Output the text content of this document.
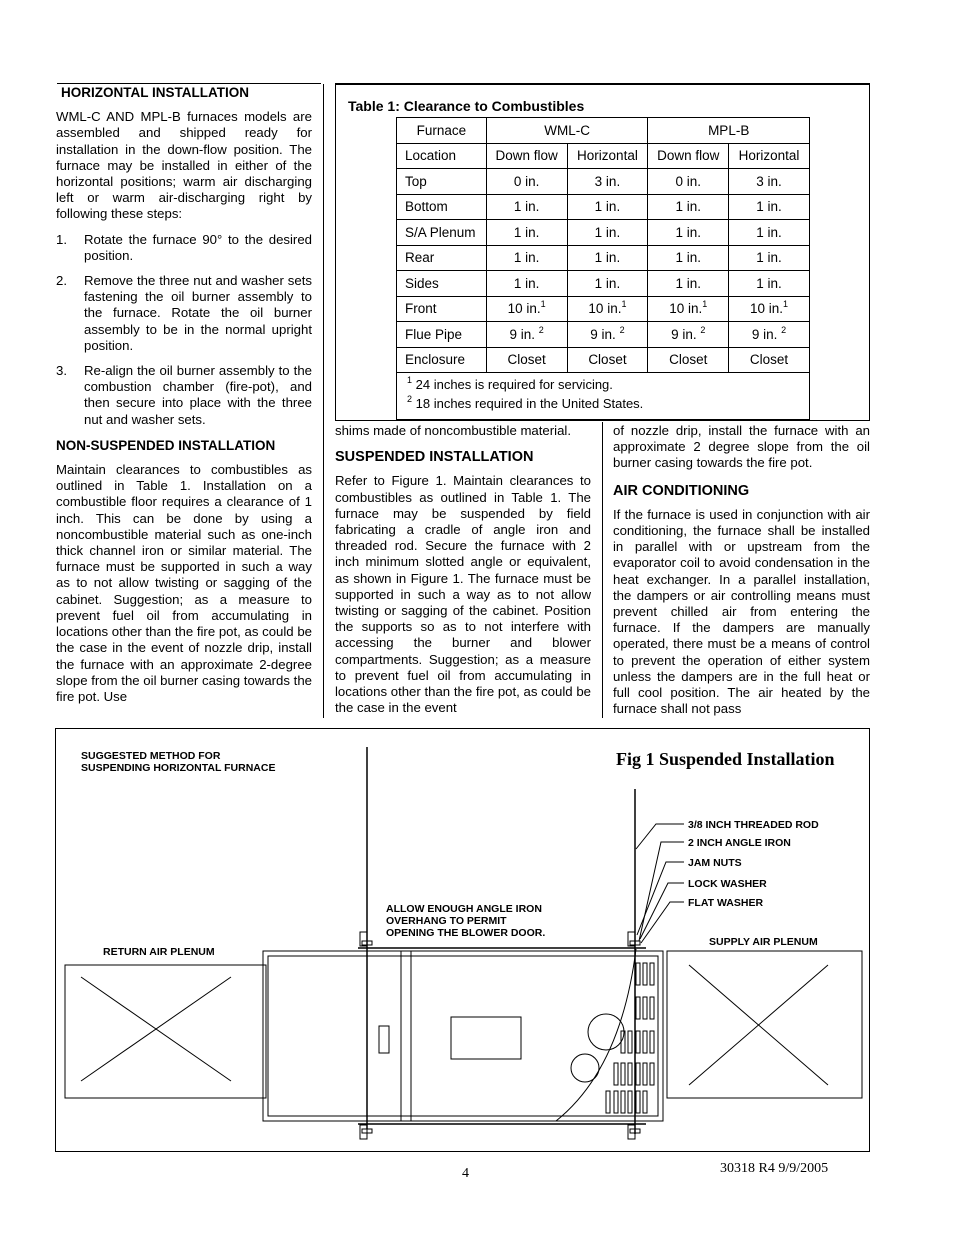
HORIZONTAL INSTALLATION

WML-C AND MPL-B furnaces models are assembled and shipped ready for installation in the down-flow position. The furnace may be installed in either of the horizontal positions; warm air discharging left or warm air-discharging right by following these steps:

1. Rotate the furnace 90° to the desired position.
2. Remove the three nut and washer sets fastening the oil burner assembly to the furnace. Rotate the oil burner assembly to be in the normal upright position.
3. Re-align the oil burner assembly to the combustion chamber (fire-pot), and then secure into place with the three nut and washer sets.
NON-SUSPENDED INSTALLATION

Maintain clearances to combustibles as outlined in Table 1. Installation on a combustible floor requires a clearance of 1 inch. This can be done by using a noncombustible material such as one-inch thick channel iron or similar material. The furnace must be supported in such a way as to not allow twisting or sagging of the cabinet. Suggestion; as a measure to prevent fuel oil from accumulating in locations other than the fire pot, as could be the case in the event of nozzle drip, install the furnace with an approximate 2-degree slope from the oil burner casing towards the fire pot. Use

Table 1: Clearance to Combustibles
Furnace	WML-C		MPL-B	
Location	Down flow	Horizontal	Down flow	Horizontal
Top	0 in.	3 in.	0 in.	3 in.
Bottom	1 in.	1 in.	1 in.	1 in.
S/A Plenum	1 in.	1 in.	1 in.	1 in.
Rear	1 in.	1 in.	1 in.	1 in.
Sides	1 in.	1 in.	1 in.	1 in.
Front	10 in.$^1$	10 in.$^1$	10 in.$^1$	10 in.$^1$
Flue Pipe	9 in. $^2$	9 in. $^2$	9 in. $^2$	9 in. $^2$
Enclosure	Closet	Closet	Closet	Closet

$^1$ 24 inches is required for servicing.
$^2$ 18 inches required in the United States.				

shims made of noncombustible material.

SUSPENDED INSTALLATION

Refer to Figure 1. Maintain clearances to combustibles as outlined in Table 1. The furnace may be suspended by field fabricating a cradle of angle iron and threaded rod. Secure the furnace with 2 inch minimum slotted angle or equivalent, as shown in Figure 1. The furnace must be supported in such a way as to not allow twisting or sagging of the cabinet. Position the supports so as to not interfere with accessing the burner and blower compartments. Suggestion; as a measure to prevent fuel oil from accumulating in locations other than the fire pot, as could be the case in the event

of nozzle drip, install the furnace with an approximate 2 degree slope from the oil burner casing towards the fire pot.

AIR CONDITIONING

If the furnace is used in conjunction with air conditioning, the furnace shall be installed in parallel with or upstream from the evaporator coil to avoid condensation in the heat exchanger. In a parallel installation, the dampers or air controlling means must prevent chilled air from entering the furnace. If the dampers are manually operated, there must be a means of control to prevent the operation of either system unless the dampers are in the full heat or full cool position. The air heated by the furnace shall not pass

Fig 1 Suspended Installation
SUGGESTED METHOD FOR
SUSPENDING HORIZONTAL FURNACE
ALLOW ENOUGH ANGLE IRON
OVERHANG TO PERMIT
OPENING THE BLOWER DOOR.
RETURN AIR PLENUM
SUPPLY AIR PLENUM
3/8 INCH THREADED ROD
2 INCH ANGLE IRON
JAM NUTS
LOCK WASHER
FLAT WASHER
4	30318 R4 9/9/2005
